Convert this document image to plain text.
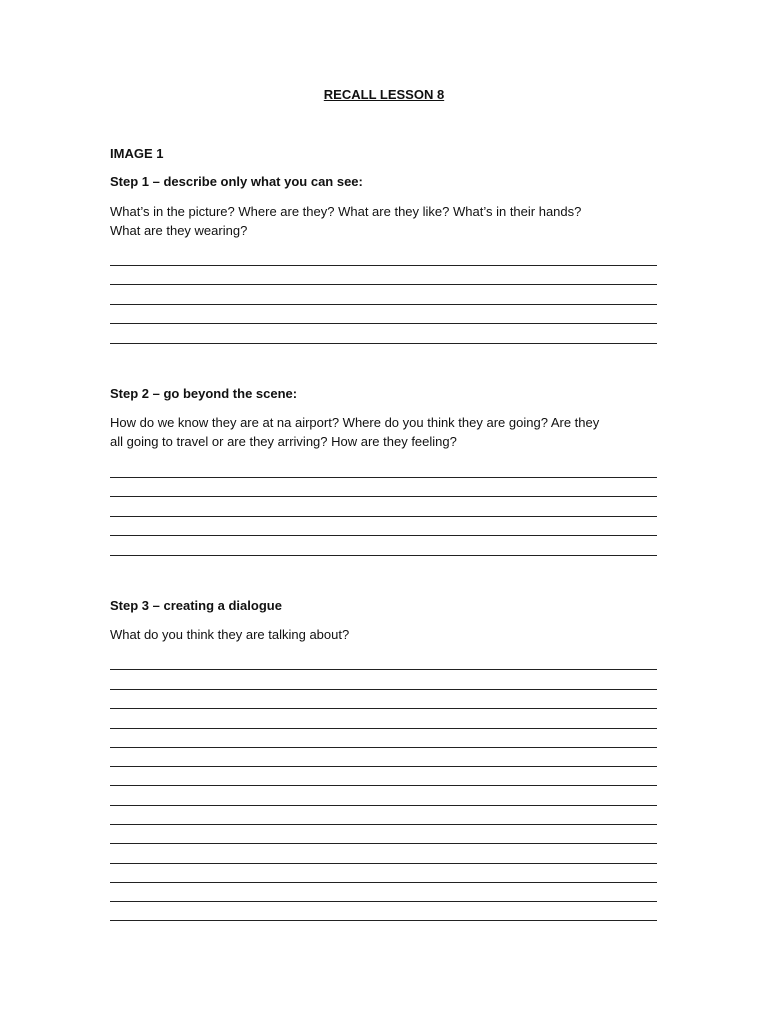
RECALL LESSON 8
IMAGE 1
Step 1 – describe only what you can see:
What’s in the picture? Where are they? What are they like? What’s in their hands?
What are they wearing?
Step 2 – go beyond the scene:
How do we know they are at na airport? Where do you think they are going? Are they
all going to travel or are they arriving? How are they feeling?
Step 3 – creating a dialogue
What do you think they are talking about?
